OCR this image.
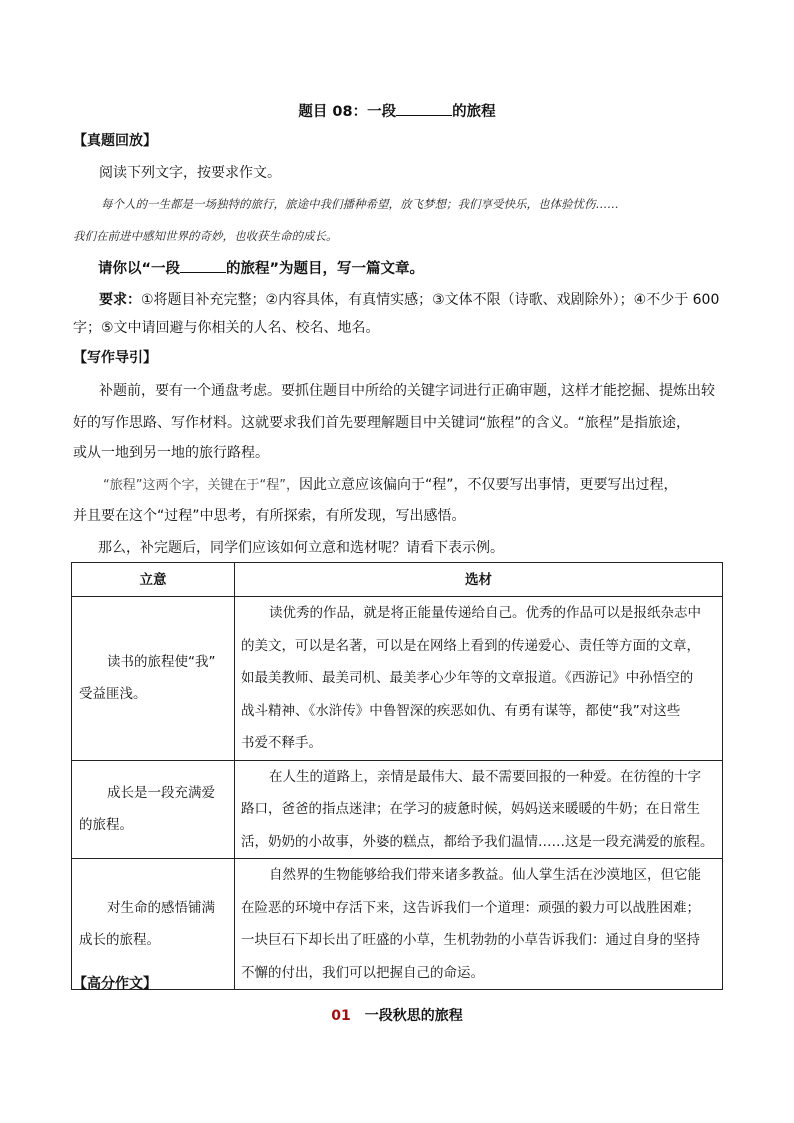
题目 08：一段	的旅程
【真题回放】
阅读下列文字，按要求作文。
每个人的一生都是一场独特的旅行，旅途中我们播种希望，放飞梦想；我们享受快乐，也体验忧伤……
我们在前进中感知世界的奇妙，也收获生命的成长。
请你以“一段	的旅程”为题目，写一篇文章。
要求：①将题目补充完整；②内容具体，有真情实感；③文体不限（诗歌、戏剧除外）；④不少于 600
字；⑤文中请回避与你相关的人名、校名、地名。
【写作导引】
补题前，要有一个通盘考虑。要抓住题目中所给的关键字词进行正确审题，这样才能挖掘、提炼出较
好的写作思路、写作材料。这就要求我们首先要理解题目中关键词“旅程”的含义。“旅程”是指旅途，
或从一地到另一地的旅行路程。
“旅程”这两个字，关键在于“程”，因此立意应该偏向于“程”，不仅要写出事情，更要写出过程，
并且要在这个“过程”中思考，有所探索，有所发现，写出感悟。
那么，补完题后，同学们应该如何立意和选材呢？请看下表示例。
立意	选材

读书的旅程使“我”
受益匪浅。	读优秀的作品，就是将正能量传递给自己。优秀的作品可以是报纸杂志中
的美文，可以是名著，可以是在网络上看到的传递爱心、责任等方面的文章，
如最美教师、最美司机、最美孝心少年等的文章报道。《西游记》中孙悟空的
战斗精神、《水浒传》中鲁智深的疾恶如仇、有勇有谋等，都使“我”对这些
书爱不释手。

成长是一段充满爱
的旅程。	在人生的道路上，亲情是最伟大、最不需要回报的一种爱。在彷徨的十字
路口，爸爸的指点迷津；在学习的疲惫时候，妈妈送来暖暖的牛奶；在日常生
活，奶奶的小故事，外婆的糕点，都给予我们温情……这是一段充满爱的旅程。

对生命的感悟铺满
成长的旅程。	自然界的生物能够给我们带来诸多教益。仙人掌生活在沙漠地区，但它能
在险恶的环境中存活下来，这告诉我们一个道理：顽强的毅力可以战胜困难；
一块巨石下却长出了旺盛的小草，生机勃勃的小草告诉我们：通过自身的坚持
不懈的付出，我们可以把握自己的命运。
【高分作文】
01 一段秋思的旅程
